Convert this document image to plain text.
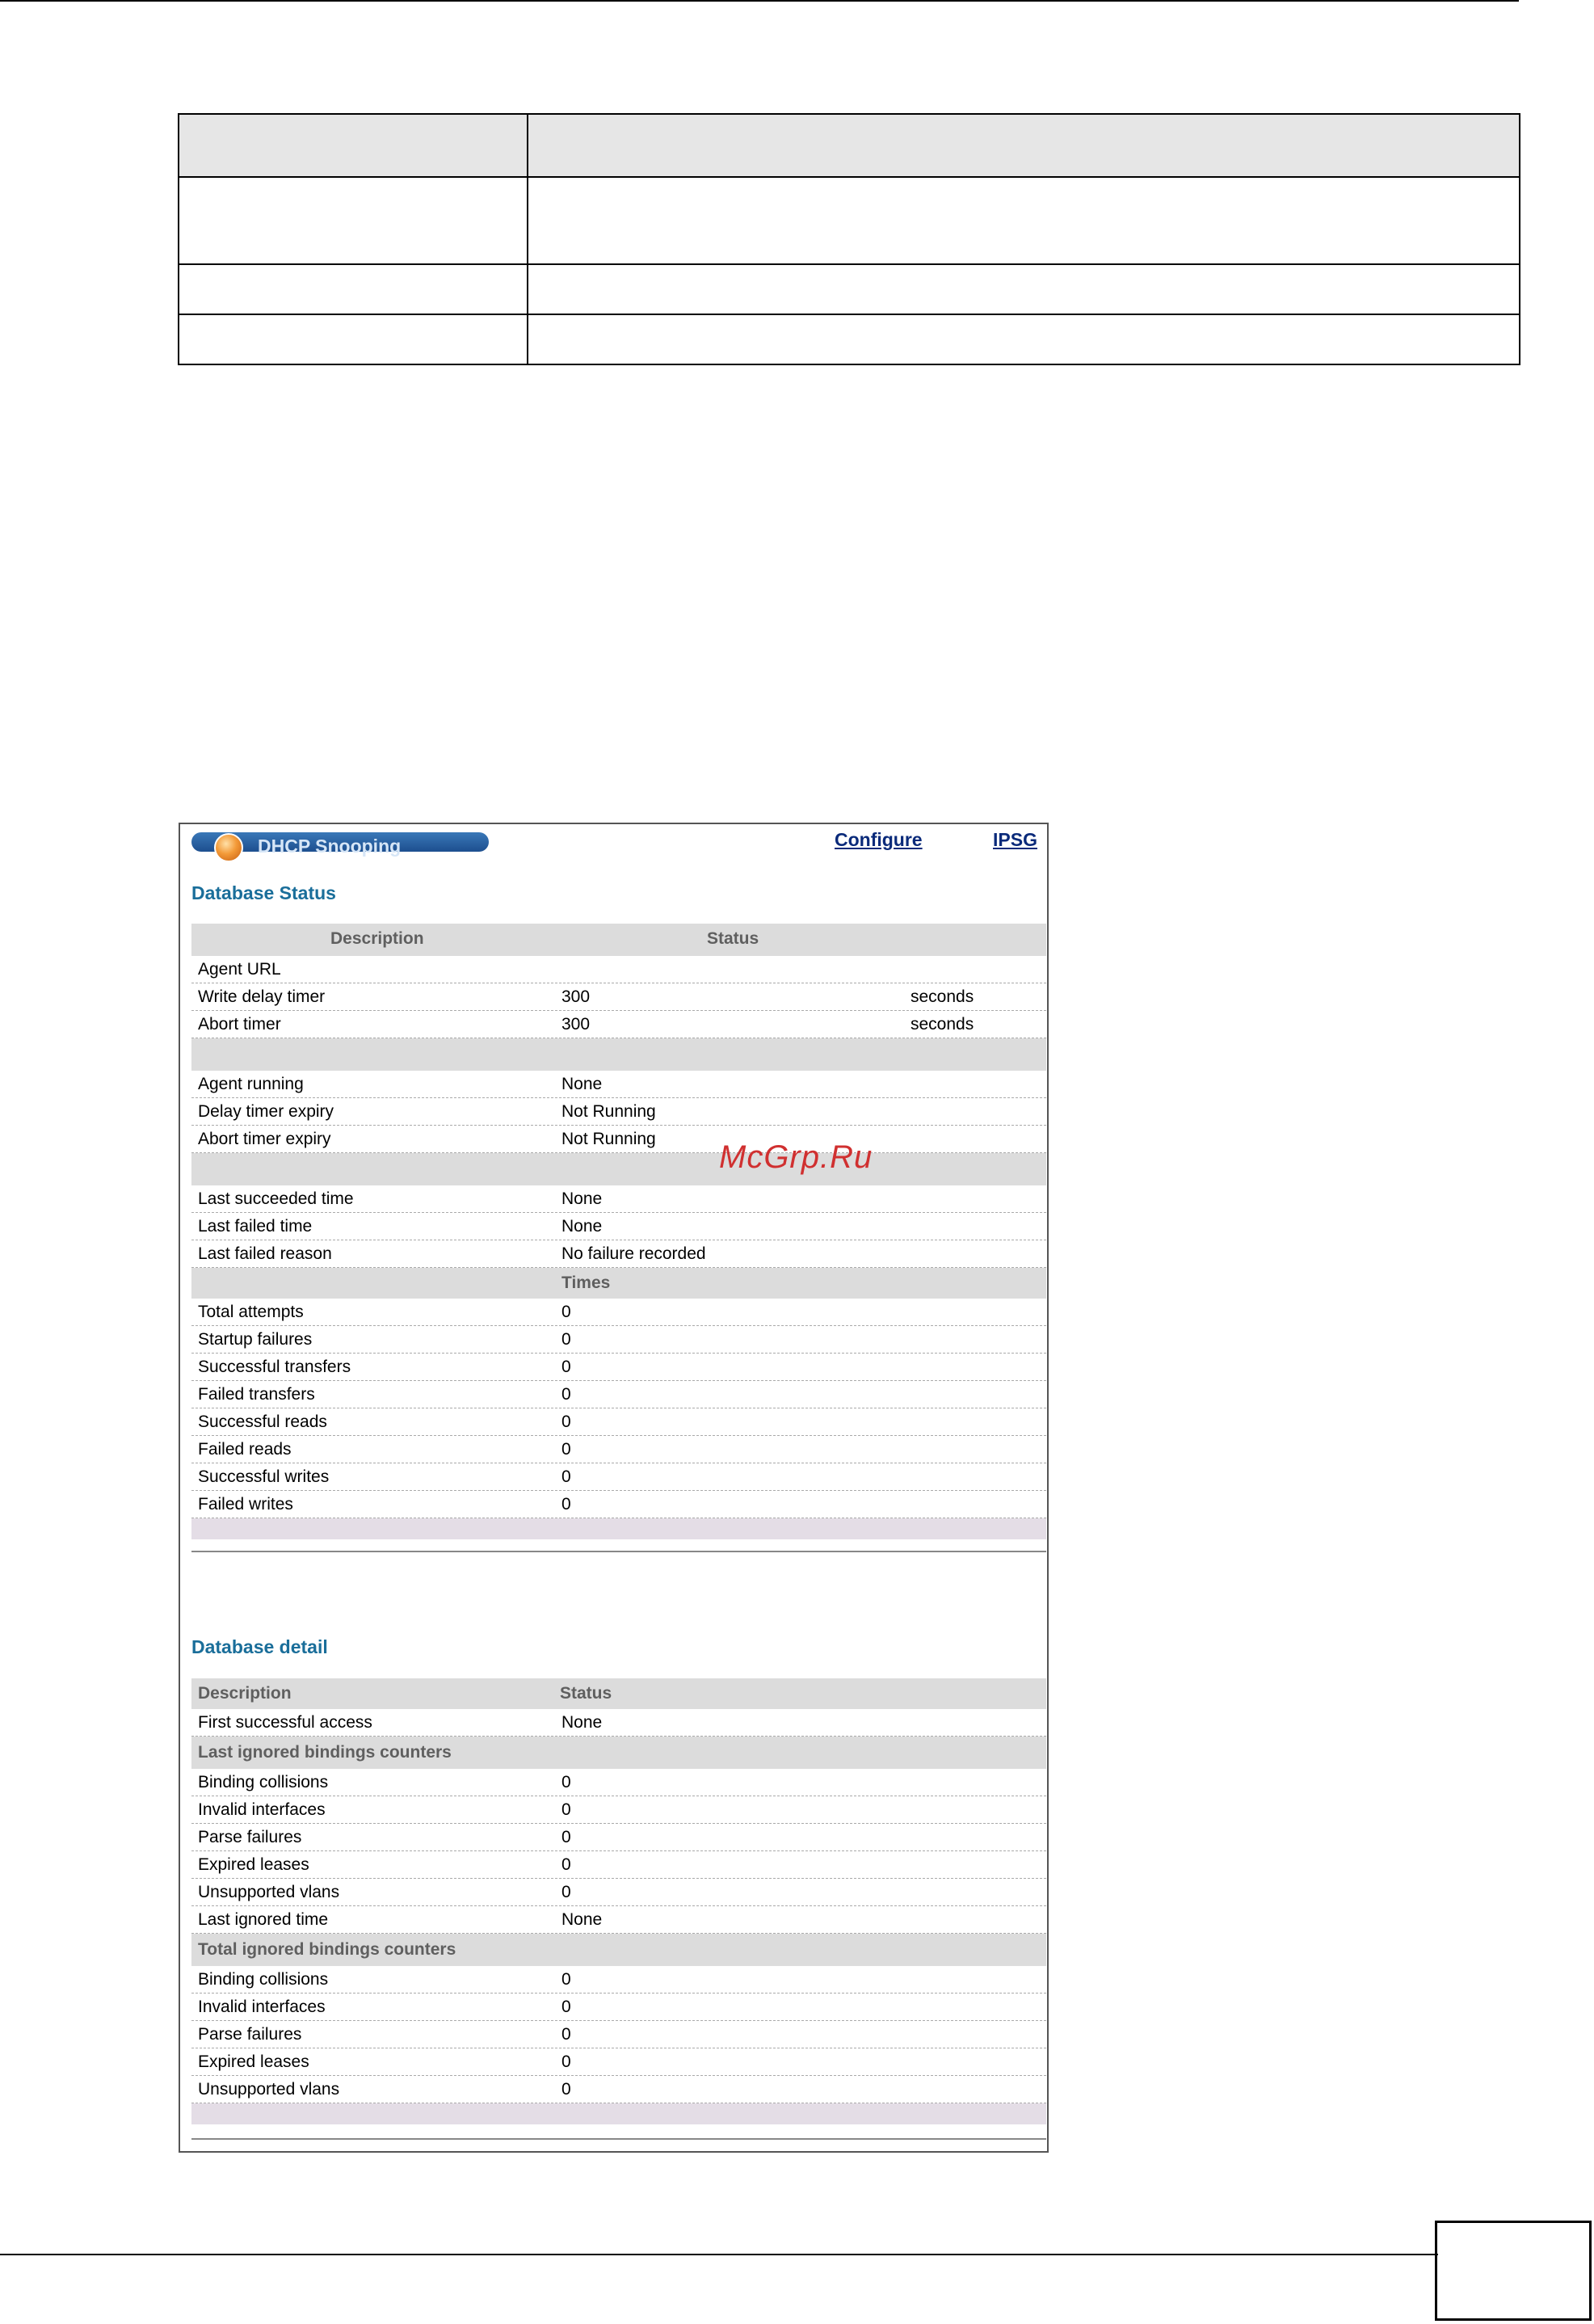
DHCP Snooping	Configure	IPSG
Database Status
Description	Status
Agent URL
Write delay timer	300	seconds
Abort timer	300	seconds
Agent running	None
Delay timer expiry	Not Running
Abort timer expiry	Not Running
Last succeeded time	None
Last failed time	None
Last failed reason	No failure recorded
Times
Total attempts	0
Startup failures	0
Successful transfers	0
Failed transfers	0
Successful reads	0
Failed reads	0
Successful writes	0
Failed writes	0
Database detail
Description	Status
First successful access	None
Last ignored bindings counters
Binding collisions	0
Invalid interfaces	0
Parse failures	0
Expired leases	0
Unsupported vlans	0
Last ignored time	None
Total ignored bindings counters
Binding collisions	0
Invalid interfaces	0
Parse failures	0
Expired leases	0
Unsupported vlans	0
McGrp.Ru
